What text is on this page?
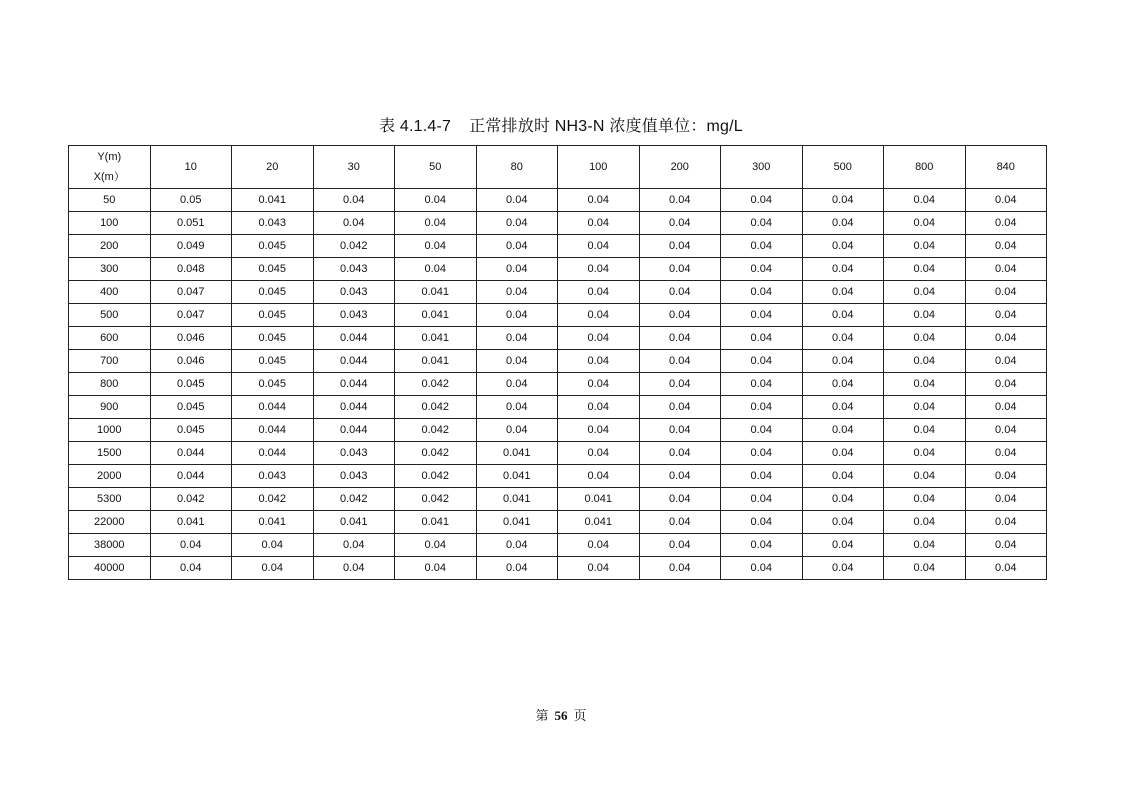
表 4.1.4-7 正常排放时 NH3-N 浓度值单位：mg/L
Y(m)
X(m）	10	20	30	50	80	100	200	300	500	800	840
50	0.05	0.041	0.04	0.04	0.04	0.04	0.04	0.04	0.04	0.04	0.04
100	0.051	0.043	0.04	0.04	0.04	0.04	0.04	0.04	0.04	0.04	0.04
200	0.049	0.045	0.042	0.04	0.04	0.04	0.04	0.04	0.04	0.04	0.04
300	0.048	0.045	0.043	0.04	0.04	0.04	0.04	0.04	0.04	0.04	0.04
400	0.047	0.045	0.043	0.041	0.04	0.04	0.04	0.04	0.04	0.04	0.04
500	0.047	0.045	0.043	0.041	0.04	0.04	0.04	0.04	0.04	0.04	0.04
600	0.046	0.045	0.044	0.041	0.04	0.04	0.04	0.04	0.04	0.04	0.04
700	0.046	0.045	0.044	0.041	0.04	0.04	0.04	0.04	0.04	0.04	0.04
800	0.045	0.045	0.044	0.042	0.04	0.04	0.04	0.04	0.04	0.04	0.04
900	0.045	0.044	0.044	0.042	0.04	0.04	0.04	0.04	0.04	0.04	0.04
1000	0.045	0.044	0.044	0.042	0.04	0.04	0.04	0.04	0.04	0.04	0.04
1500	0.044	0.044	0.043	0.042	0.041	0.04	0.04	0.04	0.04	0.04	0.04
2000	0.044	0.043	0.043	0.042	0.041	0.04	0.04	0.04	0.04	0.04	0.04
5300	0.042	0.042	0.042	0.042	0.041	0.041	0.04	0.04	0.04	0.04	0.04
22000	0.041	0.041	0.041	0.041	0.041	0.041	0.04	0.04	0.04	0.04	0.04
38000	0.04	0.04	0.04	0.04	0.04	0.04	0.04	0.04	0.04	0.04	0.04
40000	0.04	0.04	0.04	0.04	0.04	0.04	0.04	0.04	0.04	0.04	0.04
第 56 页
